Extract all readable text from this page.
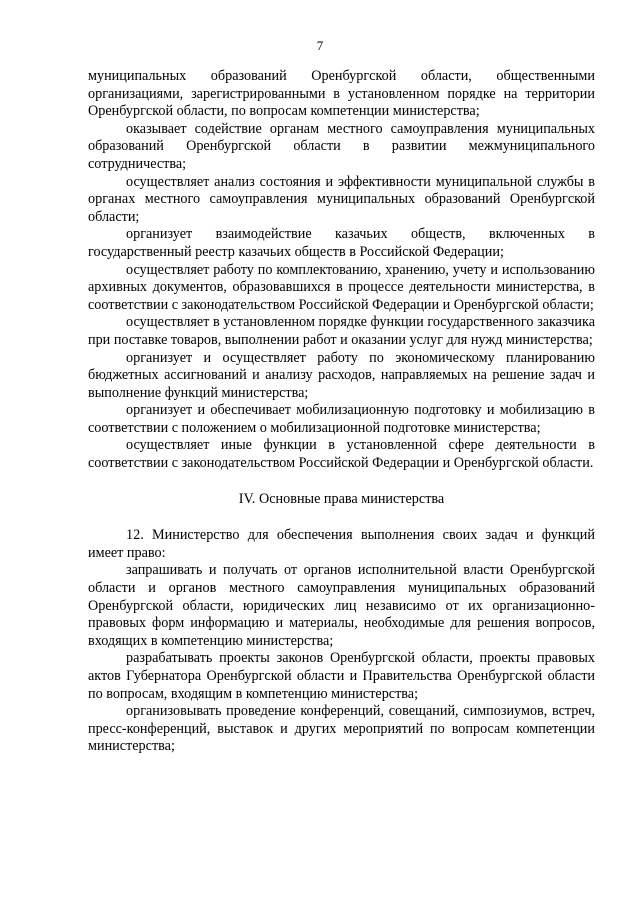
7

муниципальных образований Оренбургской области, общественными организациями, зарегистрированными в установленном порядке на территории Оренбургской области, по вопросам компетенции министерства;

оказывает содействие органам местного самоуправления муниципальных образований Оренбургской области в развитии межмуниципального сотрудничества;

осуществляет анализ состояния и эффективности муниципальной службы в органах местного самоуправления муниципальных образований Оренбургской области;

организует взаимодействие казачьих обществ, включенных в государственный реестр казачьих обществ в Российской Федерации;

осуществляет работу по комплектованию, хранению, учету и использованию архивных документов, образовавшихся в процессе деятельности министерства, в соответствии с законодательством Российской Федерации и Оренбургской области;

осуществляет в установленном порядке функции государственного заказчика при поставке товаров, выполнении работ и оказании услуг для нужд министерства;

организует и осуществляет работу по экономическому планированию бюджетных ассигнований и анализу расходов, направляемых на решение задач и выполнение функций министерства;

организует и обеспечивает мобилизационную подготовку и мобилизацию в соответствии с положением о мобилизационной подготовке министерства;

осуществляет иные функции в установленной сфере деятельности в соответствии с законодательством Российской Федерации и Оренбургской области.

IV. Основные права министерства

12. Министерство для обеспечения выполнения своих задач и функций имеет право:

запрашивать и получать от органов исполнительной власти Оренбургской области и органов местного самоуправления муниципальных образований Оренбургской области, юридических лиц независимо от их организационно-правовых форм информацию и материалы, необходимые для решения вопросов, входящих в компетенцию министерства;

разрабатывать проекты законов Оренбургской области, проекты правовых актов Губернатора Оренбургской области и Правительства Оренбургской области по вопросам, входящим в компетенцию министерства;

организовывать проведение конференций, совещаний, симпозиумов, встреч, пресс-конференций, выставок и других мероприятий по вопросам компетенции министерства;
